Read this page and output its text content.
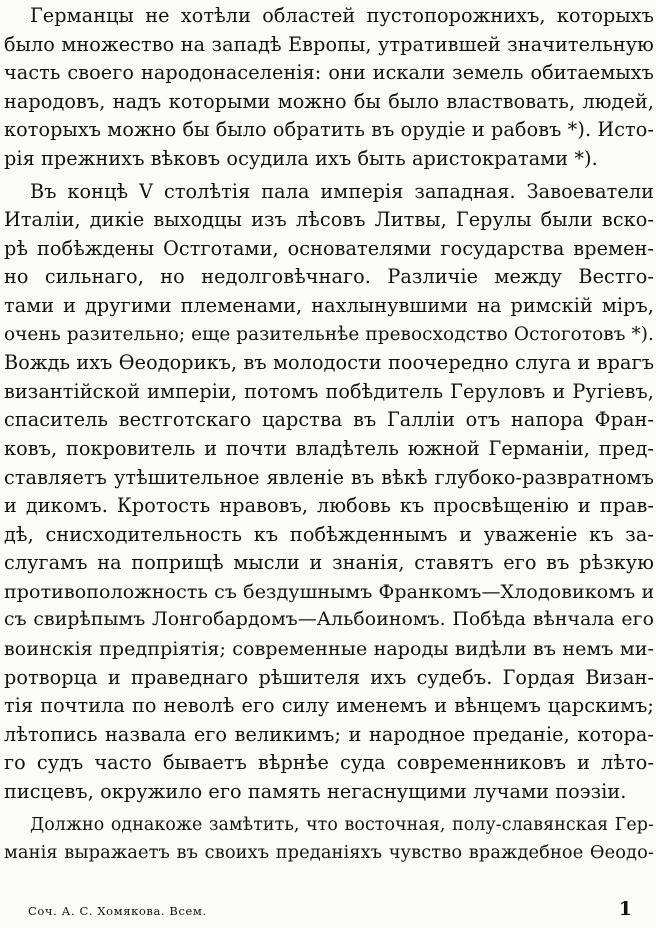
Германцы не хотѣли областей пустопорожнихъ, которыхъ
было множество на западѣ Европы, утратившей значительную
часть своего народонаселенія: они искали земель обитаемыхъ
народовъ, надъ которыми можно бы было властвовать, людей,
которыхъ можно бы было обратить въ орудіе и рабовъ *). Исто-
рія прежнихъ вѣковъ осудила ихъ быть аристократами *).
Въ концѣ V столѣтія пала имперія западная. Завоеватели
Италіи, дикіе выходцы изъ лѣсовъ Литвы, Герулы были вско-
рѣ побѣждены Остготами, основателями государства времен-
но сильнаго, но недолговѣчнаго. Различіе между Вестго-
тами и другими племенами, нахлынувшими на римскій міръ,
очень разительно; еще разительнѣе превосходство Остоготовъ *).
Вождь ихъ Ѳеодорикъ, въ молодости поочередно слуга и врагъ
византійской имперіи, потомъ побѣдитель Геруловъ и Ругіевъ,
спаситель вестготскаго царства въ Галліи отъ напора Фран-
ковъ, покровитель и почти владѣтель южной Германіи, пред-
ставляетъ утѣшительное явленіе въ вѣкѣ глубоко-развратномъ
и дикомъ. Кротость нравовъ, любовь къ просвѣщенію и прав-
дѣ, снисходительность къ побѣжденнымъ и уваженіе къ за-
слугамъ на поприщѣ мысли и знанія, ставятъ его въ рѣзкую
противоположность съ бездушнымъ Франкомъ—Хлодовикомъ и
съ свирѣпымъ Лонгобардомъ—Альбоиномъ. Побѣда вѣнчала его
воинскія предпріятія; современные народы видѣли въ немъ ми-
ротворца и праведнаго рѣшителя ихъ судебъ. Гордая Визан-
тія почтила по неволѣ его силу именемъ и вѣнцемъ царскимъ;
лѣтопись назвала его великимъ; и народное преданіе, котора-
го судъ часто бываетъ вѣрнѣе суда современниковъ и лѣто-
писцевъ, окружило его память негаснущими лучами поэзіи.
Должно однакоже замѣтить, что восточная, полу-славянская Гер-
манія выражаетъ въ своихъ преданіяхъ чувство враждебное Ѳеодо-
Соч. А. С. Хомякова. Всем.	1
